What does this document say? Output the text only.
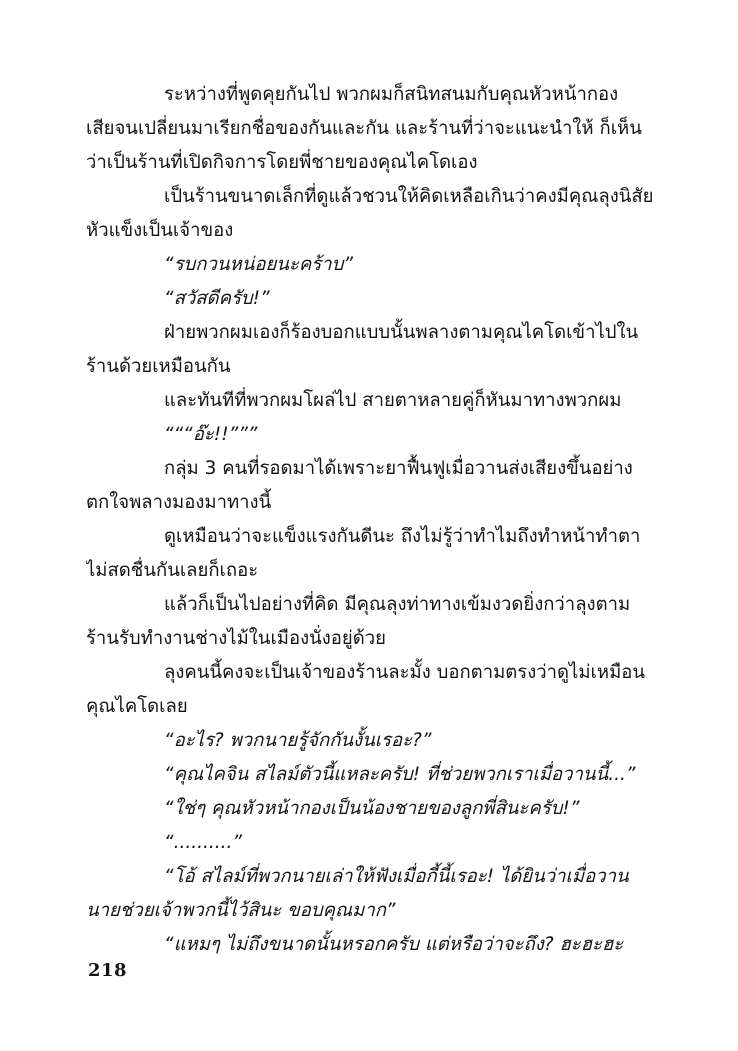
ระหว่างที่พูดคุยกันไป พวกผมก็สนิทสนมกับคุณหัวหน้ากอง
เสียจนเปลี่ยนมาเรียกชื่อของกันและกัน และร้านที่ว่าจะแนะนำให้ ก็เห็น
ว่าเป็นร้านที่เปิดกิจการโดยพี่ชายของคุณไคโดเอง
เป็นร้านขนาดเล็กที่ดูแล้วชวนให้คิดเหลือเกินว่าคงมีคุณลุงนิสัย
หัวแข็งเป็นเจ้าของ
“รบกวนหน่อยนะคร้าบ”
“สวัสดีครับ!”
ฝ่ายพวกผมเองก็ร้องบอกแบบนั้นพลางตามคุณไคโดเข้าไปใน
ร้านด้วยเหมือนกัน
และทันทีที่พวกผมโผล่ไป สายตาหลายคู่ก็หันมาทางพวกผม
“““อ๊ะ!!”””
กลุ่ม 3 คนที่รอดมาได้เพราะยาฟื้นฟูเมื่อวานส่งเสียงขึ้นอย่าง
ตกใจพลางมองมาทางนี้
ดูเหมือนว่าจะแข็งแรงกันดีนะ ถึงไม่รู้ว่าทำไมถึงทำหน้าทำตา
ไม่สดชื่นกันเลยก็เถอะ
แล้วก็เป็นไปอย่างที่คิด มีคุณลุงท่าทางเข้มงวดยิ่งกว่าลุงตาม
ร้านรับทำงานช่างไม้ในเมืองนั่งอยู่ด้วย
ลุงคนนี้คงจะเป็นเจ้าของร้านละมั้ง บอกตามตรงว่าดูไม่เหมือน
คุณไคโดเลย
“อะไร? พวกนายรู้จักกันงั้นเรอะ?”
“คุณไคจิน สไลม์ตัวนี้แหละครับ! ที่ช่วยพวกเราเมื่อวานนี้...”
“ใช่ๆ คุณหัวหน้ากองเป็นน้องชายของลูกพี่สินะครับ!”
“..........”
“โอ้ สไลม์ที่พวกนายเล่าให้ฟังเมื่อกี้นี้เรอะ! ได้ยินว่าเมื่อวาน
นายช่วยเจ้าพวกนี้ไว้สินะ ขอบคุณมาก”
“แหมๆ ไม่ถึงขนาดนั้นหรอกครับ แต่หรือว่าจะถึง? ฮะฮะฮะ
218
